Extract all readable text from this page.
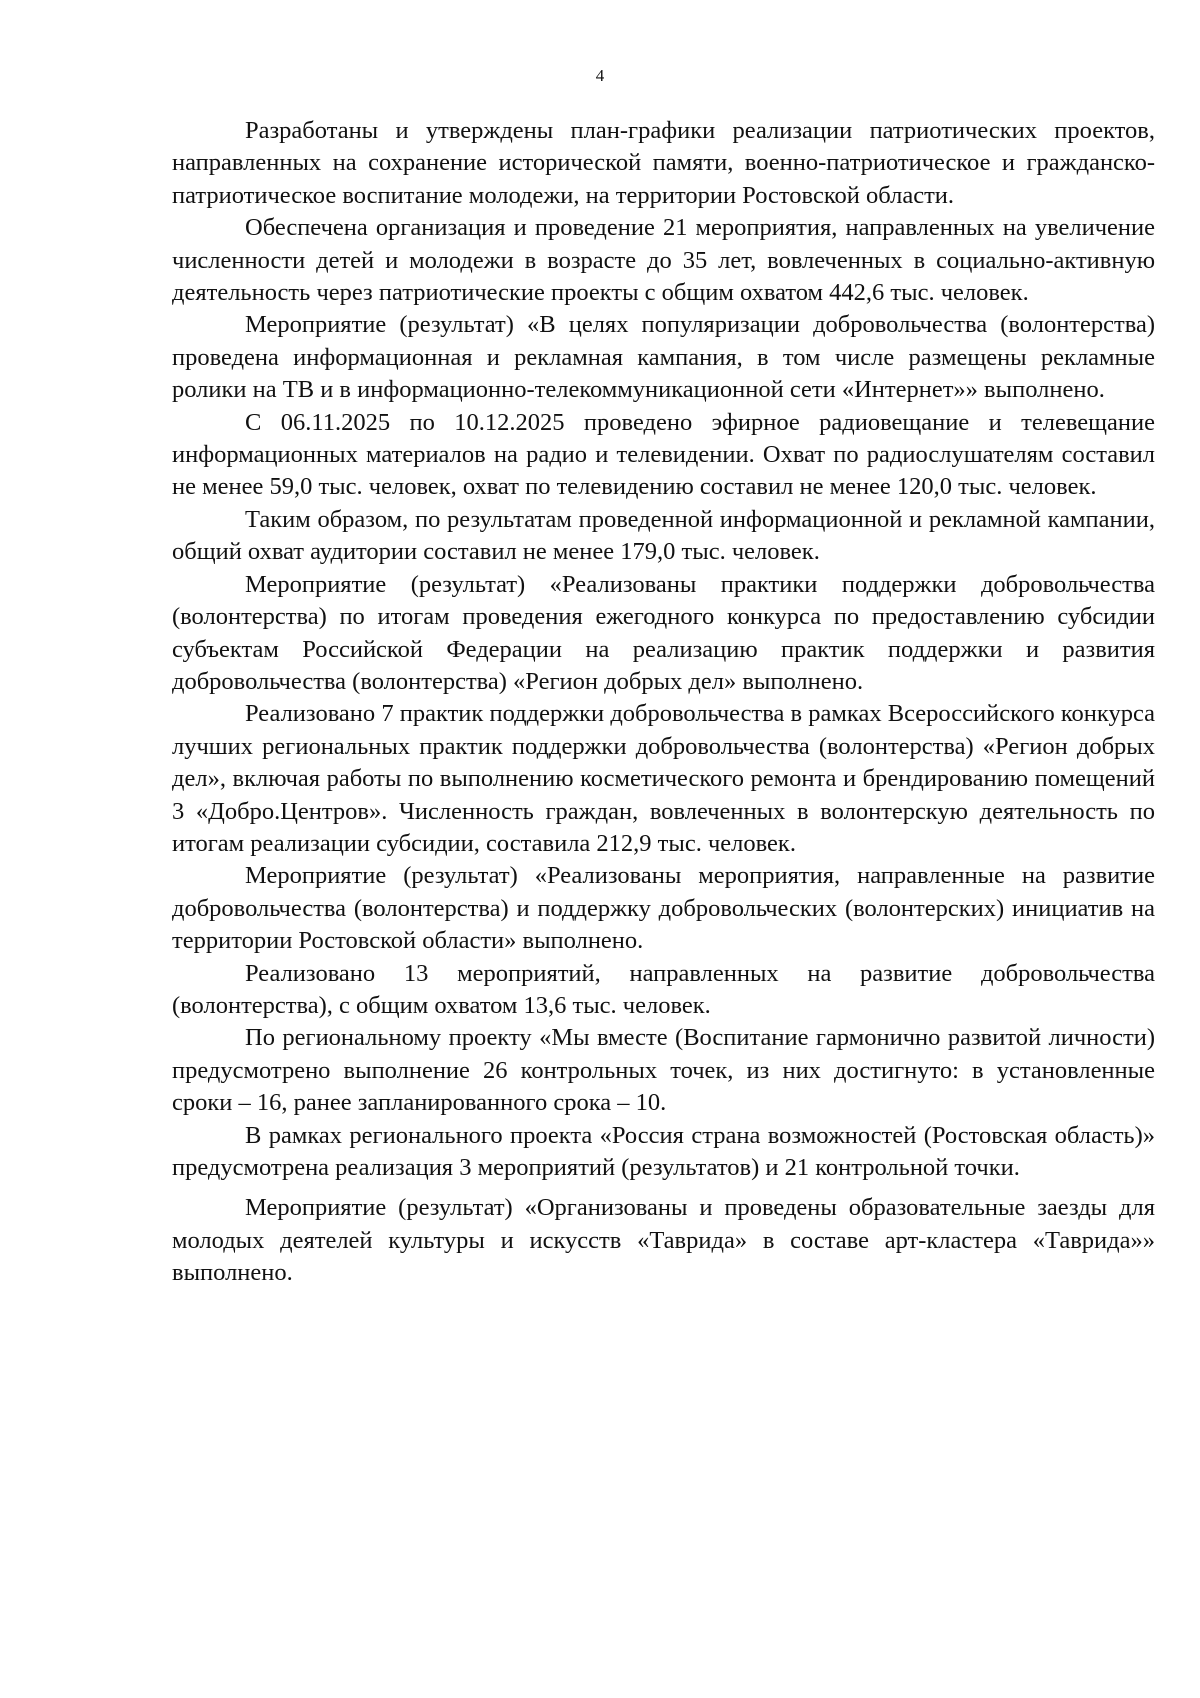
4

Разработаны и утверждены план-графики реализации патриотических проектов, направленных на сохранение исторической памяти, военно-патриотическое и гражданско-патриотическое воспитание молодежи, на территории Ростовской области.

Обеспечена организация и проведение 21 мероприятия, направленных на увеличение численности детей и молодежи в возрасте до 35 лет, вовлеченных в социально-активную деятельность через патриотические проекты с общим охватом 442,6 тыс. человек.

Мероприятие (результат) «В целях популяризации добровольчества (волонтерства) проведена информационная и рекламная кампания, в том числе размещены рекламные ролики на ТВ и в информационно-телекоммуникационной сети «Интернет»» выполнено.

С 06.11.2025 по 10.12.2025 проведено эфирное радиовещание и телевещание информационных материалов на радио и телевидении. Охват по радиослушателям составил не менее 59,0 тыс. человек, охват по телевидению составил не менее 120,0 тыс. человек.

Таким образом, по результатам проведенной информационной и рекламной кампании, общий охват аудитории составил не менее 179,0 тыс. человек.

Мероприятие (результат) «Реализованы практики поддержки добровольчества (волонтерства) по итогам проведения ежегодного конкурса по предоставлению субсидии субъектам Российской Федерации на реализацию практик поддержки и развития добровольчества (волонтерства) «Регион добрых дел» выполнено.

Реализовано 7 практик поддержки добровольчества в рамках Всероссийского конкурса лучших региональных практик поддержки добровольчества (волонтерства) «Регион добрых дел», включая работы по выполнению косметического ремонта и брендированию помещений 3 «Добро.Центров». Численность граждан, вовлеченных в волонтерскую деятельность по итогам реализации субсидии, составила 212,9 тыс. человек.

Мероприятие (результат) «Реализованы мероприятия, направленные на развитие добровольчества (волонтерства) и поддержку добровольческих (волонтерских) инициатив на территории Ростовской области» выполнено.

Реализовано 13 мероприятий, направленных на развитие добровольчества (волонтерства), с общим охватом 13,6 тыс. человек.

По региональному проекту «Мы вместе (Воспитание гармонично развитой личности) предусмотрено выполнение 26 контрольных точек, из них достигнуто: в установленные сроки – 16, ранее запланированного срока – 10.

В рамках регионального проекта «Россия страна возможностей (Ростовская область)» предусмотрена реализация 3 мероприятий (результатов) и 21 контрольной точки.

Мероприятие (результат) «Организованы и проведены образовательные заезды для молодых деятелей культуры и искусств «Таврида» в составе арт-кластера «Таврида»» выполнено.
